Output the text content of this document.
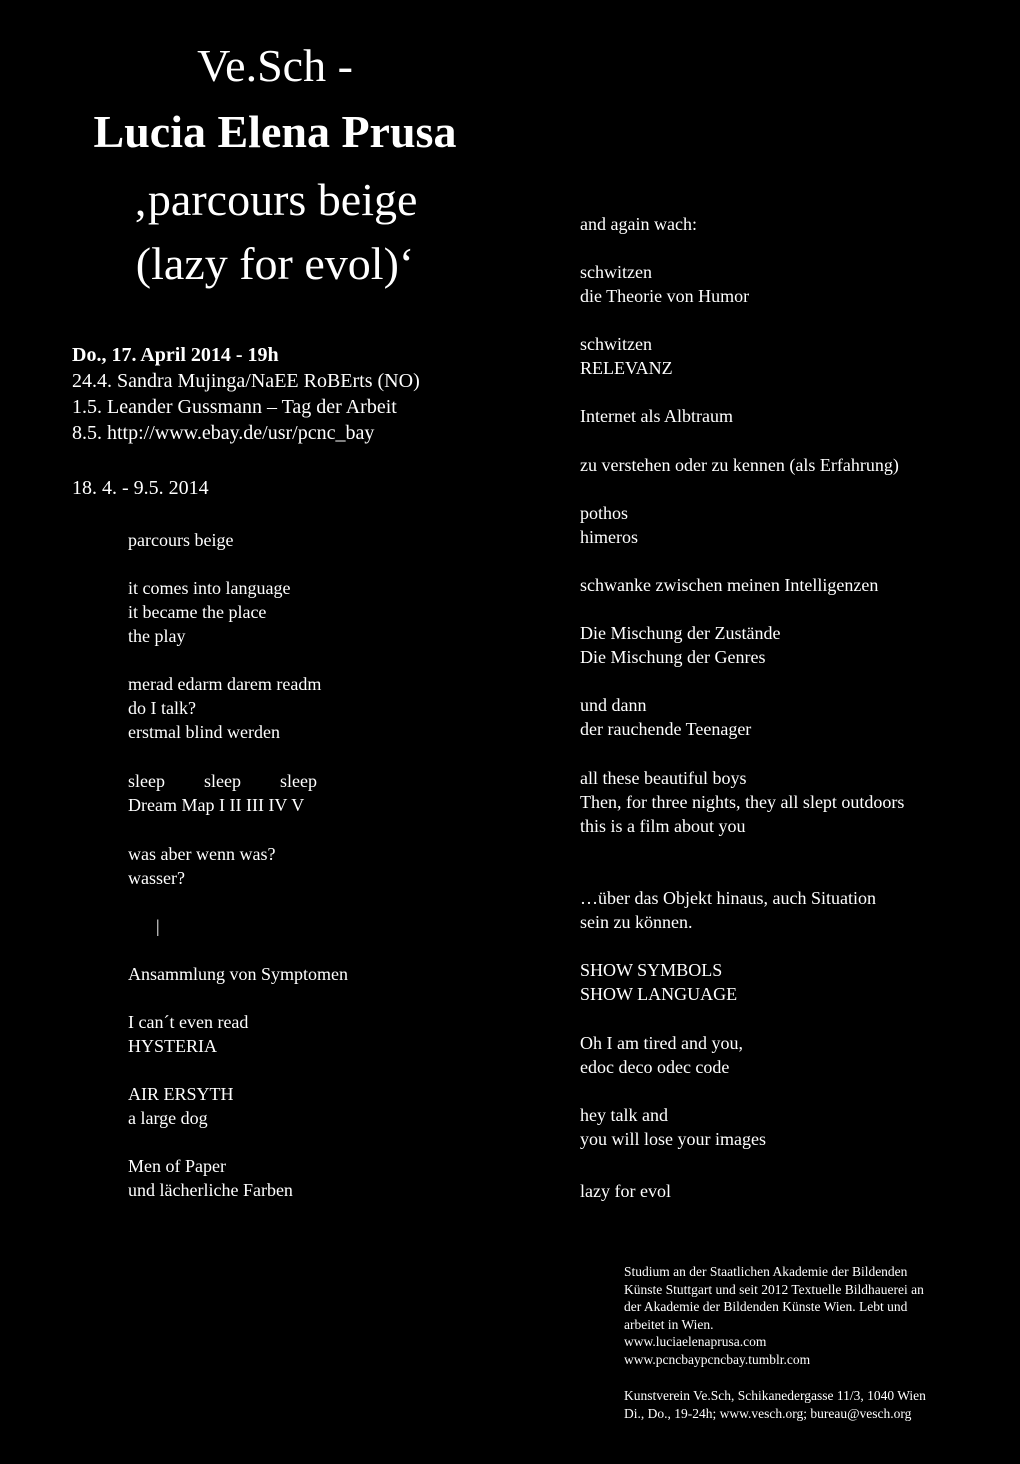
Ve.Sch -
Lucia Elena Prusa
‚parcours beige
(lazy for evol)‘
Do., 17. April 2014 - 19h
24.4. Sandra Mujinga/NaEE RoBErts (NO)
1.5. Leander Gussmann – Tag der Arbeit
8.5. http://www.ebay.de/usr/pcnc_bay
18. 4. - 9.5. 2014
parcours beige
it comes into language
it became the place
the play
merad edarm darem readm
do I talk?
erstmal blind werden
sleep sleep sleep
Dream Map I II III IV V
was aber wenn was?
wasser?
|
Ansammlung von Symptomen
I can´t even read
HYSTERIA
AIR ERSYTH
a large dog
Men of Paper
und lächerliche Farben
and again wach:
schwitzen
die Theorie von Humor
schwitzen
RELEVANZ
Internet als Albtraum
zu verstehen oder zu kennen (als Erfahrung)
pothos
himeros
schwanke zwischen meinen Intelligenzen
Die Mischung der Zustände
Die Mischung der Genres
und dann
der rauchende Teenager
all these beautiful boys
Then, for three nights, they all slept outdoors
this is a film about you
…über das Objekt hinaus, auch Situation
sein zu können.
SHOW SYMBOLS
SHOW LANGUAGE
Oh I am tired and you,
edoc deco odec code
hey talk and
you will lose your images
lazy for evol
Studium an der Staatlichen Akademie der Bildenden
Künste Stuttgart und seit 2012 Textuelle Bildhauerei an
der Akademie der Bildenden Künste Wien. Lebt und
arbeitet in Wien.
www.luciaelenaprusa.com
www.pcncbaypcncbay.tumblr.com
Kunstverein Ve.Sch, Schikanedergasse 11/3, 1040 Wien
Di., Do., 19-24h; www.vesch.org; bureau@vesch.org
